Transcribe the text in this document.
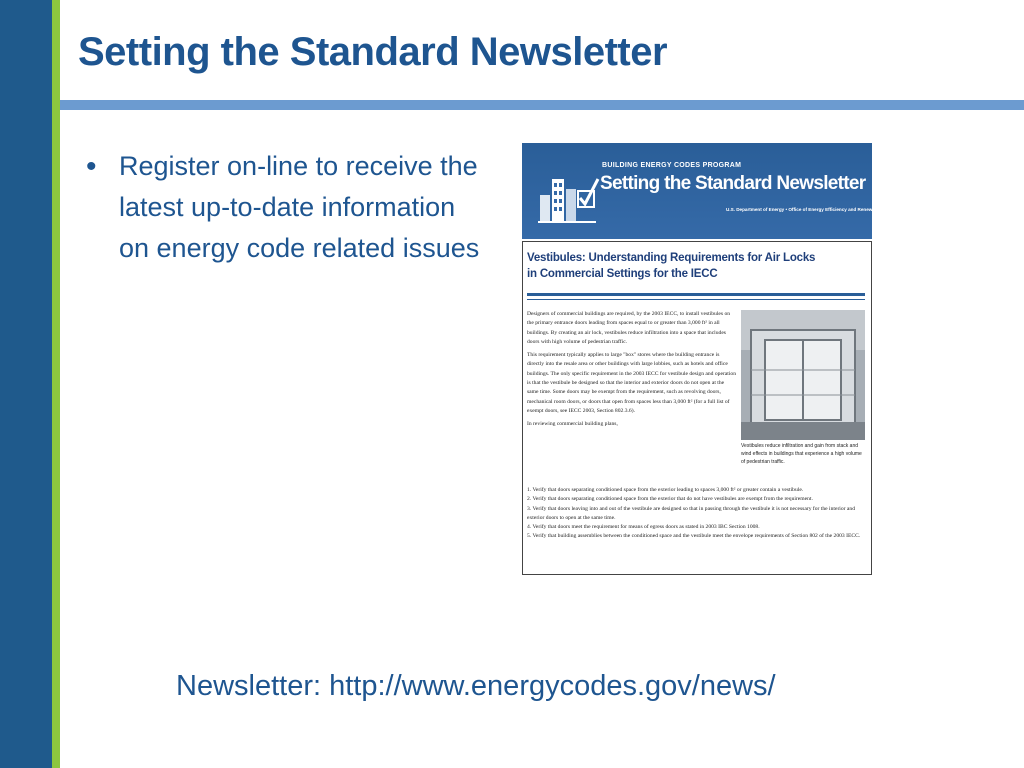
Setting the Standard Newsletter
• Register on-line to receive the latest up-to-date information on energy code related issues
BUILDING ENERGY CODES PROGRAM
Setting the Standard Newsletter
U.S. Department of Energy • Office of Energy Efficiency and Renewable Energy
Vestibules: Understanding Requirements for Air Locks in Commercial Settings for the IECC

Designers of commercial buildings are required, by the 2003 IECC, to install vestibules on the primary entrance doors leading from spaces equal to or greater than 3,000 ft² in all buildings. By creating an air lock, vestibules reduce infiltration into a space that includes doors with high volume of pedestrian traffic.

This requirement typically applies to large "box" stores where the building entrance is directly into the resale area or other buildings with large lobbies, such as hotels and office buildings. The only specific requirement in the 2003 IECC for vestibule design and operation is that the vestibule be designed so that the interior and exterior doors do not open at the same time. Some doors may be exempt from the requirement, such as revolving doors, mechanical room doors, or doors that open from spaces less than 3,000 ft² (for a full list of exempt doors, see IECC 2003, Section 802.3.6).

In reviewing commercial building plans,

Vestibules reduce infiltration and gain from stack and wind effects in buildings that experience a high volume of pedestrian traffic.
1. Verify that doors separating conditioned space from the exterior leading to spaces 3,000 ft² or greater contain a vestibule.
2. Verify that doors separating conditioned space from the exterior that do not have vestibules are exempt from the requirement.
3. Verify that doors leaving into and out of the vestibule are designed so that in passing through the vestibule it is not necessary for the interior and exterior doors to open at the same time.
4. Verify that doors meet the requirement for means of egress doors as stated in 2003 IBC Section 1008.
5. Verify that building assemblies between the conditioned space and the vestibule meet the envelope requirements of Section 802 of the 2003 IECC.
Newsletter: http://www.energycodes.gov/news/
